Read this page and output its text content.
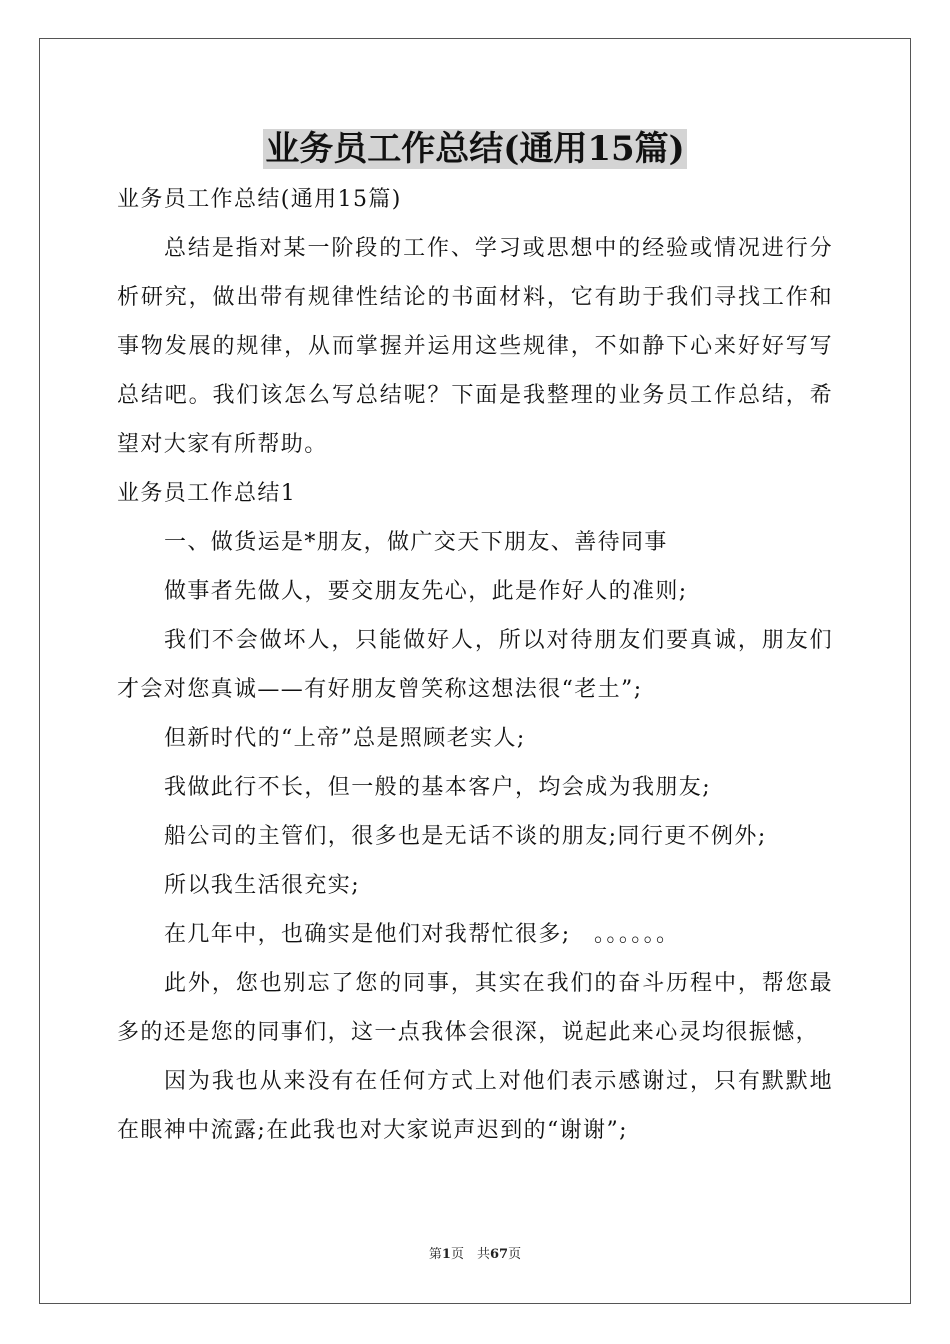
业务员工作总结(通用15篇)

业务员工作总结(通用15篇)

总结是指对某一阶段的工作、学习或思想中的经验或情况进行分析研究，做出带有规律性结论的书面材料，它有助于我们寻找工作和事物发展的规律，从而掌握并运用这些规律，不如静下心来好好写写总结吧。我们该怎么写总结呢？下面是我整理的业务员工作总结，希望对大家有所帮助。

业务员工作总结1

一、做货运是*朋友，做广交天下朋友、善待同事

做事者先做人，要交朋友先心，此是作好人的准则;

我们不会做坏人，只能做好人，所以对待朋友们要真诚，朋友们才会对您真诚——有好朋友曾笑称这想法很“老土”;

但新时代的“上帝”总是照顾老实人;

我做此行不长，但一般的基本客户，均会成为我朋友;

船公司的主管们，很多也是无话不谈的朋友;同行更不例外;

所以我生活很充实;

在几年中，也确实是他们对我帮忙很多;　。。。。。。

此外，您也别忘了您的同事，其实在我们的奋斗历程中，帮您最多的还是您的同事们，这一点我体会很深，说起此来心灵均很振憾，

因为我也从来没有在任何方式上对他们表示感谢过，只有默默地在眼神中流露;在此我也对大家说声迟到的“谢谢”;

第1页　共67页
